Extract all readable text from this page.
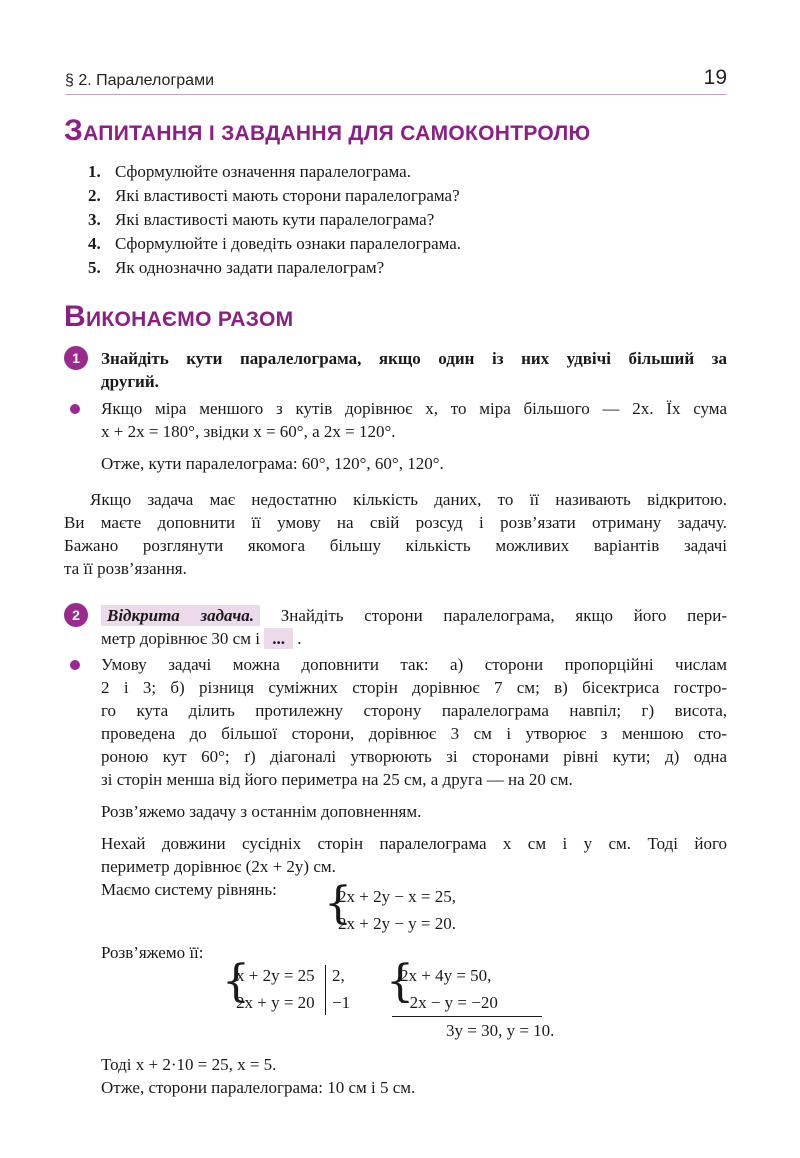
§ 2. Паралелограми	19
ЗАПИТАННЯ І ЗАВДАННЯ ДЛЯ САМОКОНТРОЛЮ
1. Сформулюйте означення паралелограма.
2. Які властивості мають сторони паралелограма?
3. Які властивості мають кути паралелограма?
4. Сформулюйте і доведіть ознаки паралелограма.
5. Як однозначно задати паралелограм?
ВИКОНАЄМО РАЗОМ
1	Знайдіть кути паралелограма, якщо один із них удвічі більший за
другий.
Якщо міра меншого з кутів дорівнює x, то міра більшого — 2x. Їх сума
x + 2x = 180°, звідки x = 60°, а 2x = 120°.
Отже, кути паралелограма: 60°, 120°, 60°, 120°.
Якщо задача має недостатню кількість даних, то її називають відкритою.
Ви маєте доповнити її умову на свій розсуд і розв’язати отриману задачу.
Бажано розглянути якомога більшу кількість можливих варіантів задачі
та її розв’язання.
2	Відкрита задача. Знайдіть сторони паралелограма, якщо його пери-
метр дорівнює 30 см і ... .
Умову задачі можна доповнити так: а) сторони пропорційні числам
2 і 3; б) різниця суміжних сторін дорівнює 7 см; в) бісектриса гостро-
го кута ділить протилежну сторону паралелограма навпіл; г) висота,
проведена до більшої сторони, дорівнює 3 см і утворює з меншою сто-
роною кут 60°; ґ) діагоналі утворюють зі сторонами рівні кути; д) одна
зі сторін менша від його периметра на 25 см, а друга — на 20 см.
Розв’яжемо задачу з останнім доповненням.
Нехай довжини сусідніх сторін паралелограма x см і y см. Тоді його
периметр дорівнює (2x + 2y) см.
Маємо систему рівнянь:	{
2x + 2y − x = 25,
2x + 2y − y = 20.
Розв’яжемо її:
{
x + 2y = 25
2x + y = 20
2,
−1 {
2x + 4y = 50,
−2x − y = −20
3y = 30, y = 10.
Тоді x + 2·10 = 25, x = 5.
Отже, сторони паралелограма: 10 см і 5 см.
